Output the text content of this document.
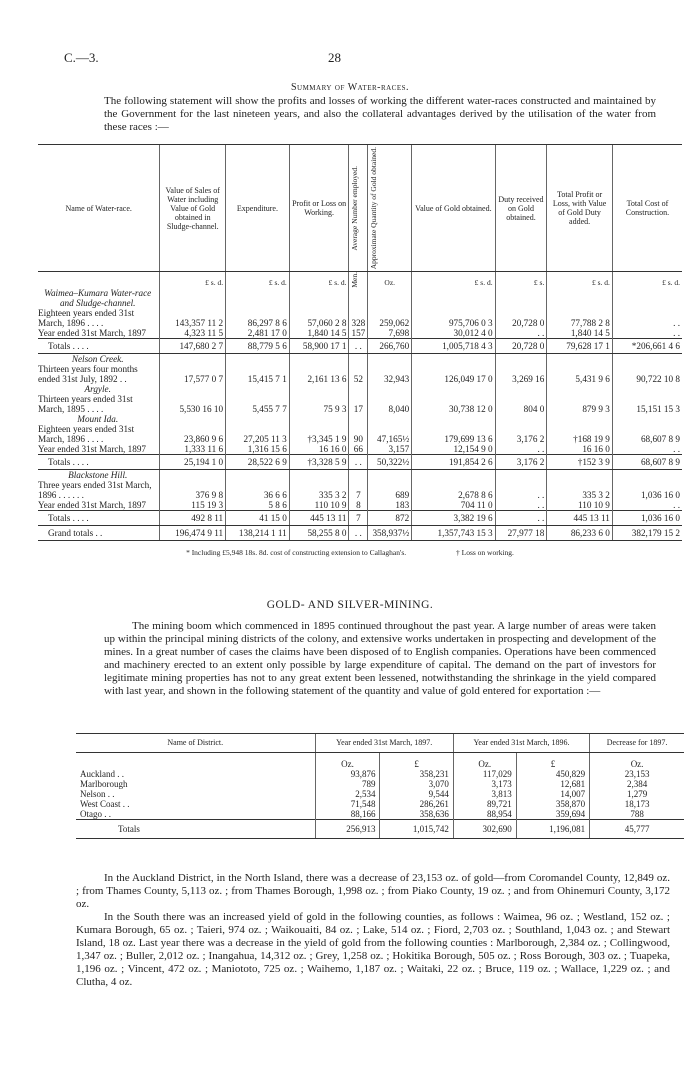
C.—3.	28
Summary of Water-races.

The following statement will show the profits and losses of working the different water-races constructed and maintained by the Government for the last nineteen years, and also the collateral advantages derived by the utilisation of the water from these races :—

Name of Water-race.	Value of Sales of Water including Value of Gold obtained in Sludge-channel.	Expenditure.	Profit or Loss on Working.	Average Number employed.	Approximate Quantity of Gold obtained.	Value of Gold obtained.	Duty received on Gold obtained.	Total Profit or Loss, with Value of Gold Duty added.	Total Cost of Construction.
	£ s. d.	£ s. d.	£ s. d.	Men.	Oz.	£ s. d.	£ s.	£ s. d.	£ s. d.

Waimea–Kumara Water-race and Sludge-channel.
Eighteen years ended 31st March, 1896 . . . .	143,357 11 2	86,297 8 6	57,060 2 8	328	259,062	975,706 0 3	20,728 0	77,788 2 8	. .
Year ended 31st March, 1897	4,323 11 5	2,481 17 0	1,840 14 5	157	7,698	30,012 4 0	. .	1,840 14 5	. .
Totals . . . .	147,680 2 7	88,779 5 6	58,900 17 1	. .	266,760	1,005,718 4 3	20,728 0	79,628 17 1	*206,661 4 6

Nelson Creek.
Thirteen years four months ended 31st July, 1892 . .	17,577 0 7	15,415 7 1	2,161 13 6	52	32,943	126,049 17 0	3,269 16	5,431 9 6	90,722 10 8

Argyle.
Thirteen years ended 31st March, 1895 . . . .	5,530 16 10	5,455 7 7	75 9 3	17	8,040	30,738 12 0	804 0	879 9 3	15,151 15 3

Mount Ida.
Eighteen years ended 31st March, 1896 . . . .	23,860 9 6	27,205 11 3	†3,345 1 9	90	47,165½	179,699 13 6	3,176 2	†168 19 9	68,607 8 9
Year ended 31st March, 1897	1,333 11 6	1,316 15 6	16 16 0	66	3,157	12,154 9 0	. .	16 16 0	. .
Totals . . . .	25,194 1 0	28,522 6 9	†3,328 5 9	. .	50,322½	191,854 2 6	3,176 2	†152 3 9	68,607 8 9

Blackstone Hill.
Three years ended 31st March, 1896 . . . . . .	376 9 8	36 6 6	335 3 2	7	689	2,678 8 6	. .	335 3 2	1,036 16 0
Year ended 31st March, 1897	115 19 3	5 8 6	110 10 9	8	183	704 11 0	. .	110 10 9	. .
Totals . . . .	492 8 11	41 15 0	445 13 11	7	872	3,382 19 6	. .	445 13 11	1,036 16 0
Grand totals . .	196,474 9 11	138,214 1 11	58,255 8 0	. .	358,937½	1,357,743 15 3	27,977 18	86,233 6 0	382,179 15 2
* Including £5,948 18s. 8d. cost of constructing extension to Callaghan's.	† Loss on working.
GOLD- AND SILVER-MINING.

The mining boom which commenced in 1895 continued throughout the past year. A large number of areas were taken up within the principal mining districts of the colony, and extensive works undertaken in prospecting and development of the mines. In a great number of cases the claims have been disposed of to English companies. Operations have been commenced and machinery erected to an extent only possible by large expenditure of capital. The demand on the part of investors for legitimate mining properties has not to any great extent been lessened, notwithstanding the shrinkage in the yield compared with last year, and shown in the following statement of the quantity and value of gold entered for exportation :—

Name of District.	Year ended 31st March, 1897.		Year ended 31st March, 1896.		Decrease for 1897.
	Oz.	£	Oz.	£	Oz.
Auckland . .	93,876	358,231	117,029	450,829	23,153
Marlborough	789	3,070	3,173	12,681	2,384
Nelson . .	2,534	9,544	3,813	14,007	1,279
West Coast . .	71,548	286,261	89,721	358,870	18,173
Otago . .	88,166	358,636	88,954	359,694	788
Totals	256,913	1,015,742	302,690	1,196,081	45,777

In the Auckland District, in the North Island, there was a decrease of 23,153 oz. of gold—from Coromandel County, 12,849 oz. ; from Thames County, 5,113 oz. ; from Thames Borough, 1,998 oz. ; from Piako County, 19 oz. ; and from Ohinemuri County, 3,172 oz.

In the South there was an increased yield of gold in the following counties, as follows : Waimea, 96 oz. ; Westland, 152 oz. ; Kumara Borough, 65 oz. ; Taieri, 974 oz. ; Waikouaiti, 84 oz. ; Lake, 514 oz. ; Fiord, 2,703 oz. ; Southland, 1,043 oz. ; and Stewart Island, 18 oz. Last year there was a decrease in the yield of gold from the following counties : Marlborough, 2,384 oz. ; Collingwood, 1,347 oz. ; Buller, 2,012 oz. ; Inangahua, 14,312 oz. ; Grey, 1,258 oz. ; Hokitika Borough, 505 oz. ; Ross Borough, 303 oz. ; Tuapeka, 1,196 oz. ; Vincent, 472 oz. ; Maniototo, 725 oz. ; Waihemo, 1,187 oz. ; Waitaki, 22 oz. ; Bruce, 119 oz. ; Wallace, 1,229 oz. ; and Clutha, 4 oz.
